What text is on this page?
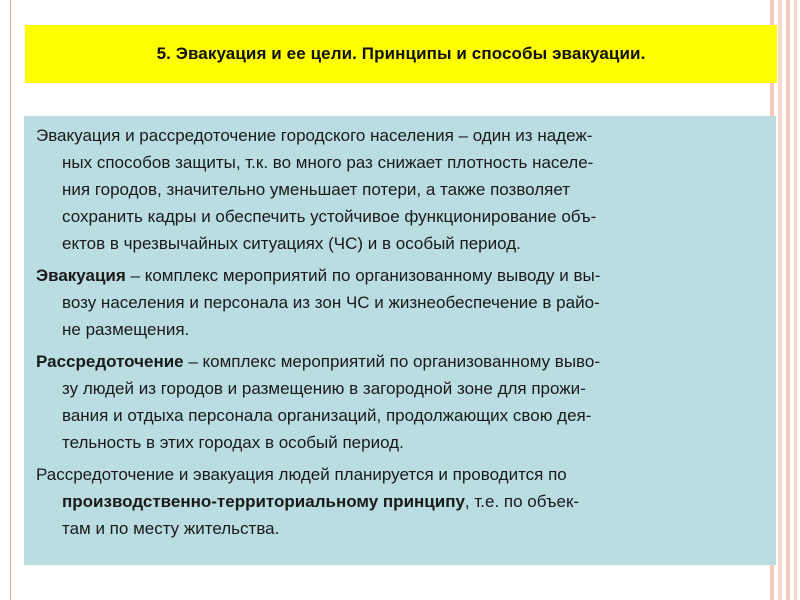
5. Эвакуация и ее цели. Принципы и способы эвакуации.

Эвакуация и рассредоточение городского населения – один из надеж-
ных способов защиты, т.к. во много раз снижает плотность населе-
ния городов, значительно уменьшает потери, а также позволяет
сохранить кадры и обеспечить устойчивое функционирование объ-
ектов в чрезвычайных ситуациях (ЧС) и в особый период.

Эвакуация – комплекс мероприятий по организованному выводу и вы-
возу населения и персонала из зон ЧС и жизнеобеспечение в райо-
не размещения.

Рассредоточение – комплекс мероприятий по организованному выво-
зу людей из городов и размещению в загородной зоне для прожи-
вания и отдыха персонала организаций, продолжающих свою дея-
тельность в этих городах в особый период.

Рассредоточение и эвакуация людей планируется и проводится по
производственно-территориальному принципу, т.е. по объек-
там и по месту жительства.
